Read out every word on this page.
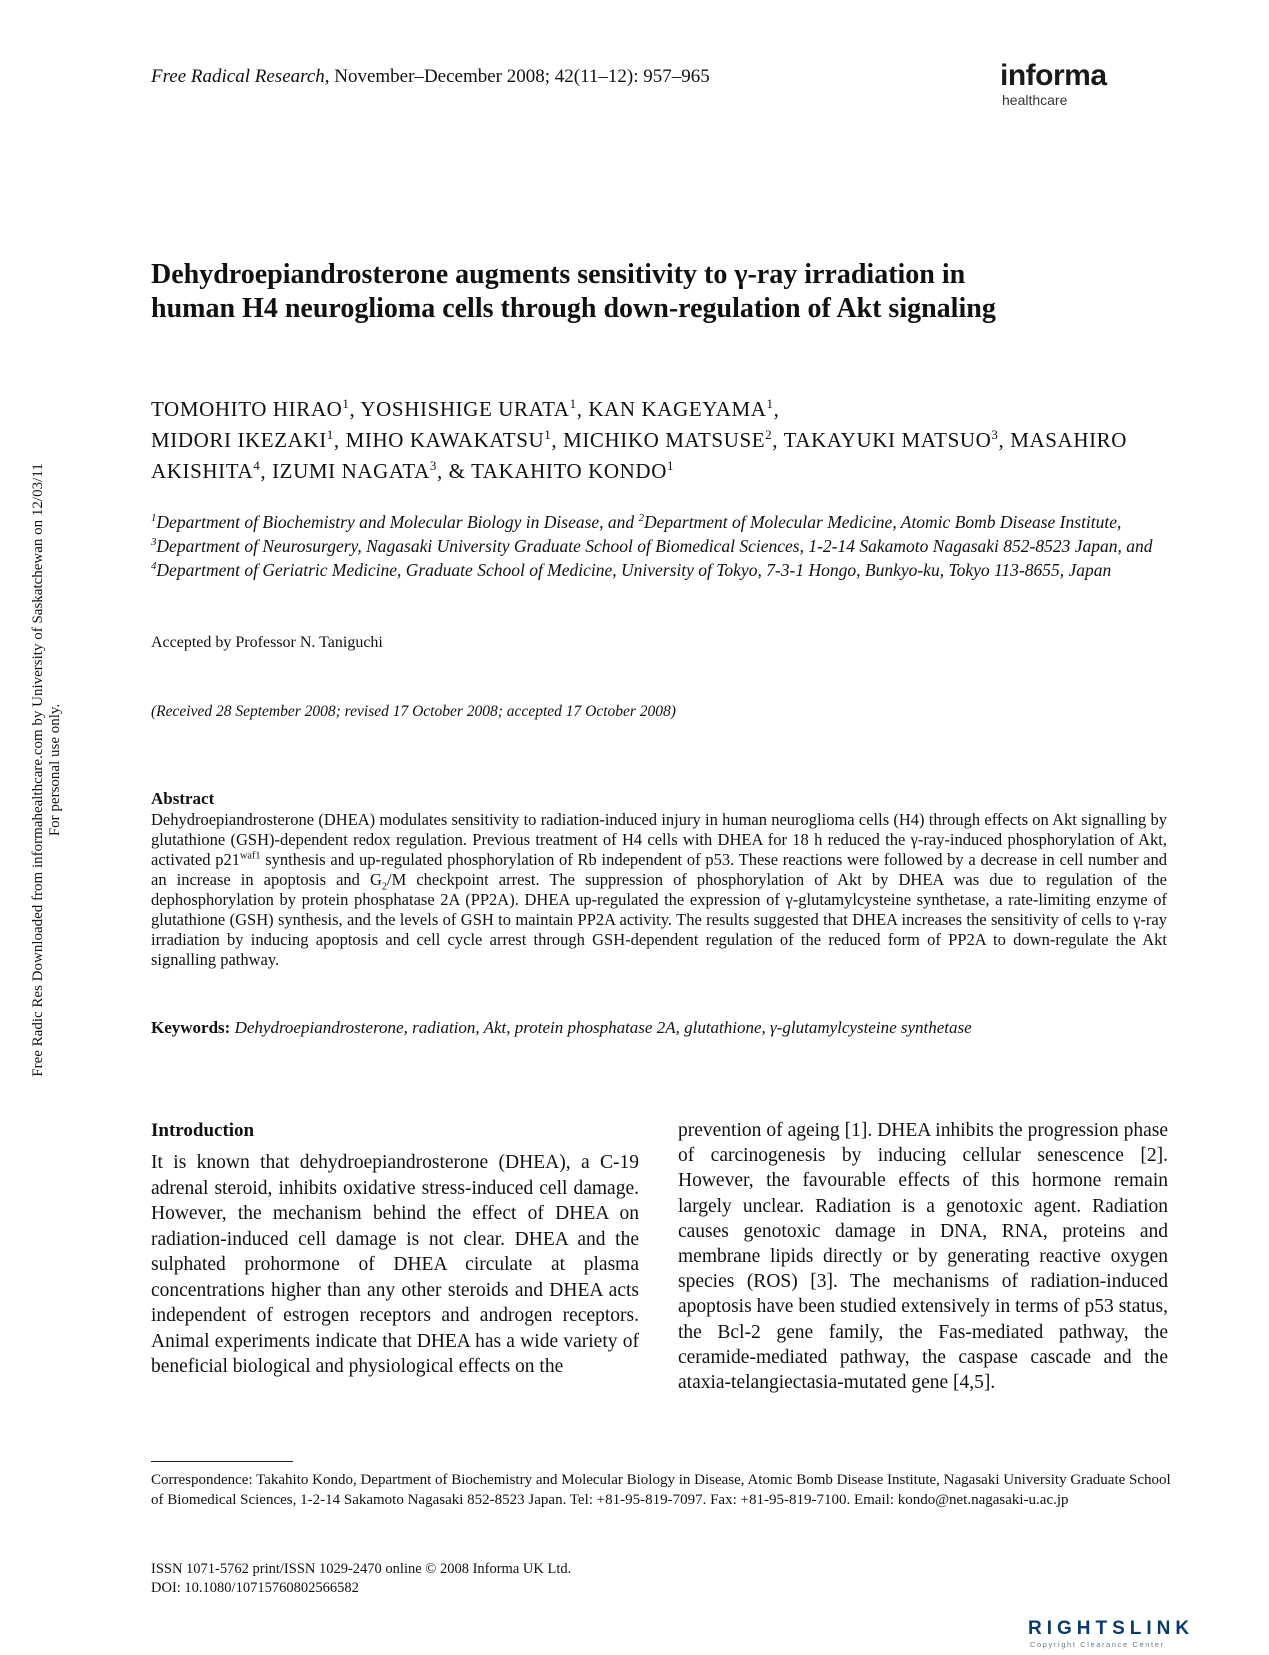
Free Radical Research, November–December 2008; 42(11–12): 957–965	informa
healthcare
Dehydroepiandrosterone augments sensitivity to γ-ray irradiation in
human H4 neuroglioma cells through down-regulation of Akt signaling
TOMOHITO HIRAO$^1$, YOSHISHIGE URATA$^1$, KAN KAGEYAMA$^1$,
MIDORI IKEZAKI$^1$, MIHO KAWAKATSU$^1$, MICHIKO MATSUSE$^2$, TAKAYUKI MATSUO$^3$, MASAHIRO AKISHITA$^4$, IZUMI NAGATA$^3$, & TAKAHITO KONDO$^1$
$^1$Department of Biochemistry and Molecular Biology in Disease, and $^2$Department of Molecular Medicine, Atomic Bomb Disease Institute, $^3$Department of Neurosurgery, Nagasaki University Graduate School of Biomedical Sciences, 1-2-14 Sakamoto Nagasaki 852-8523 Japan, and $^4$Department of Geriatric Medicine, Graduate School of Medicine, University of Tokyo, 7-3-1 Hongo, Bunkyo-ku, Tokyo 113-8655, Japan
Accepted by Professor N. Taniguchi
(Received 28 September 2008; revised 17 October 2008; accepted 17 October 2008)
Abstract
Dehydroepiandrosterone (DHEA) modulates sensitivity to radiation-induced injury in human neuroglioma cells (H4) through effects on Akt signalling by glutathione (GSH)-dependent redox regulation. Previous treatment of H4 cells with DHEA for 18 h reduced the γ-ray-induced phosphorylation of Akt, activated $p21^{waf1}$ synthesis and up-regulated phosphorylation of Rb independent of p53. These reactions were followed by a decrease in cell number and an increase in apoptosis and $G_2/M$ checkpoint arrest. The suppression of phosphorylation of Akt by DHEA was due to regulation of the dephosphorylation by protein phosphatase 2A (PP2A). DHEA up-regulated the expression of γ-glutamylcysteine synthetase, a rate-limiting enzyme of glutathione (GSH) synthesis, and the levels of GSH to maintain PP2A activity. The results suggested that DHEA increases the sensitivity of cells to γ-ray irradiation by inducing apoptosis and cell cycle arrest through GSH-dependent regulation of the reduced form of PP2A to down-regulate the Akt signalling pathway.
Keywords: Dehydroepiandrosterone, radiation, Akt, protein phosphatase 2A, glutathione, γ-glutamylcysteine synthetase
Introduction
It is known that dehydroepiandrosterone (DHEA), a C-19 adrenal steroid, inhibits oxidative stress-induced cell damage. However, the mechanism behind the effect of DHEA on radiation-induced cell damage is not clear. DHEA and the sulphated prohormone of DHEA circulate at plasma concentrations higher than any other steroids and DHEA acts independent of estrogen receptors and androgen receptors. Animal experiments indicate that DHEA has a wide variety of beneficial biological and physiological effects on the
prevention of ageing [1]. DHEA inhibits the progression phase of carcinogenesis by inducing cellular senescence [2]. However, the favourable effects of this hormone remain largely unclear. Radiation is a genotoxic agent. Radiation causes genotoxic damage in DNA, RNA, proteins and membrane lipids directly or by generating reactive oxygen species (ROS) [3]. The mechanisms of radiation-induced apoptosis have been studied extensively in terms of p53 status, the Bcl-2 gene family, the Fas-mediated pathway, the ceramide-mediated pathway, the caspase cascade and the ataxia-telangiectasia-mutated gene [4,5].
Correspondence: Takahito Kondo, Department of Biochemistry and Molecular Biology in Disease, Atomic Bomb Disease Institute, Nagasaki University Graduate School of Biomedical Sciences, 1-2-14 Sakamoto Nagasaki 852-8523 Japan. Tel: +81-95-819-7097. Fax: +81-95-819-7100. Email: kondo@net.nagasaki-u.ac.jp
ISSN 1071-5762 print/ISSN 1029-2470 online © 2008 Informa UK Ltd.
DOI: 10.1080/10715760802566582
Free Radic Res Downloaded from informahealthcare.com by University of Saskatchewan on 12/03/11 For personal use only.
RIGHTSLINK
Copyright Clearance Center
